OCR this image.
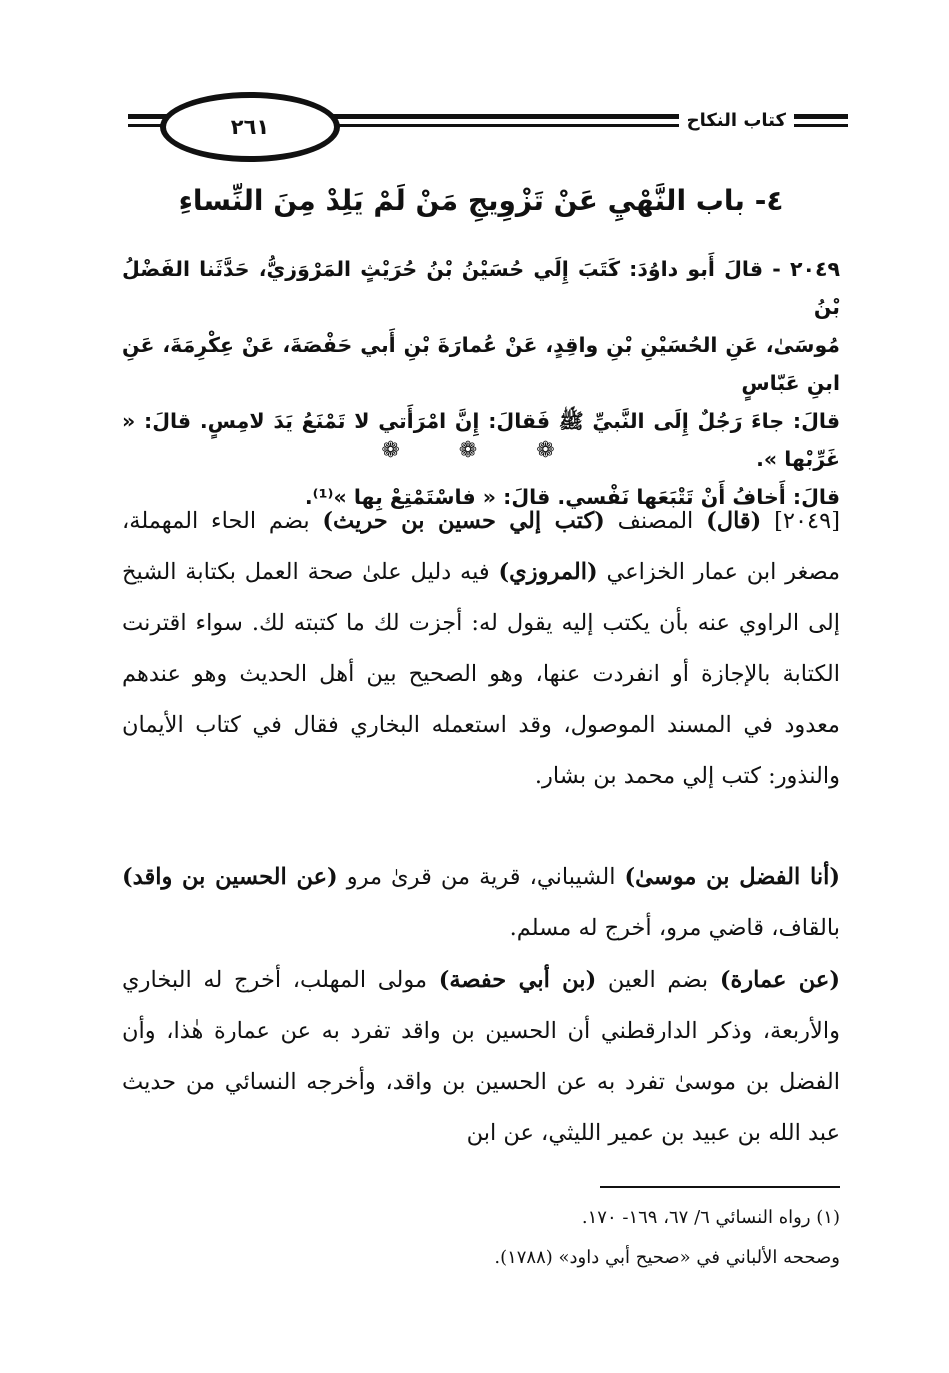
٢٦١	كتاب النكاح
٤- باب النَّهْيِ عَنْ تَزْوِيجِ مَنْ لَمْ يَلِدْ مِنَ النِّساءِ

٢٠٤٩ - قالَ أَبو داوُدَ: كَتَبَ إِلَي حُسَيْنُ بْنُ حُرَيْثٍ المَرْوَزيُّ، حَدَّثَنا الفَضْلُ بْنُ

مُوسَىٰ، عَنِ الحُسَيْنِ بْنِ واقِدٍ، عَنْ عُمارَةَ بْنِ أَبي حَفْصَةَ، عَنْ عِكْرِمَةَ، عَنِ ابنِ عَبّاسٍ

قالَ: جاءَ رَجُلٌ إِلَى النَّبيِّ ﷺ فَقالَ: إِنَّ امْرَأَتي لا تَمْنَعُ يَدَ لامِسٍ. قالَ: « غَرِّبْها ».

قالَ: أَخافُ أَنْ تَتْبَعَها نَفْسي. قالَ: « فاسْتَمْتِعْ بِها »⁽¹⁾.

❁ ❁ ❁

[٢٠٤٩] (قال) المصنف (كتب إلي حسين بن حريث) بضم الحاء المهملة، مصغر ابن عمار الخزاعي (المروزي) فيه دليل علىٰ صحة العمل بكتابة الشيخ إلى الراوي عنه بأن يكتب إليه يقول له: أجزت لك ما كتبته لك. سواء اقترنت الكتابة بالإجازة أو انفردت عنها، وهو الصحيح بين أهل الحديث وهو عندهم معدود في المسند الموصول، وقد استعمله البخاري فقال في كتاب الأيمان والنذور: كتب إلي محمد بن بشار.

(أنا الفضل بن موسىٰ) الشيباني، قرية من قرىٰ مرو (عن الحسين بن واقد) بالقاف، قاضي مرو، أخرج له مسلم.

(عن عمارة) بضم العين (بن أبي حفصة) مولى المهلب، أخرج له البخاري والأربعة، وذكر الدارقطني أن الحسين بن واقد تفرد به عن عمارة هٰذا، وأن الفضل بن موسىٰ تفرد به عن الحسين بن واقد، وأخرجه النسائي من حديث عبد الله بن عبيد بن عمير الليثي، عن ابن

(١) رواه النسائي ٦/ ٦٧، ١٦٩- ١٧٠.

وصححه الألباني في «صحيح أبي داود» (١٧٨٨).
